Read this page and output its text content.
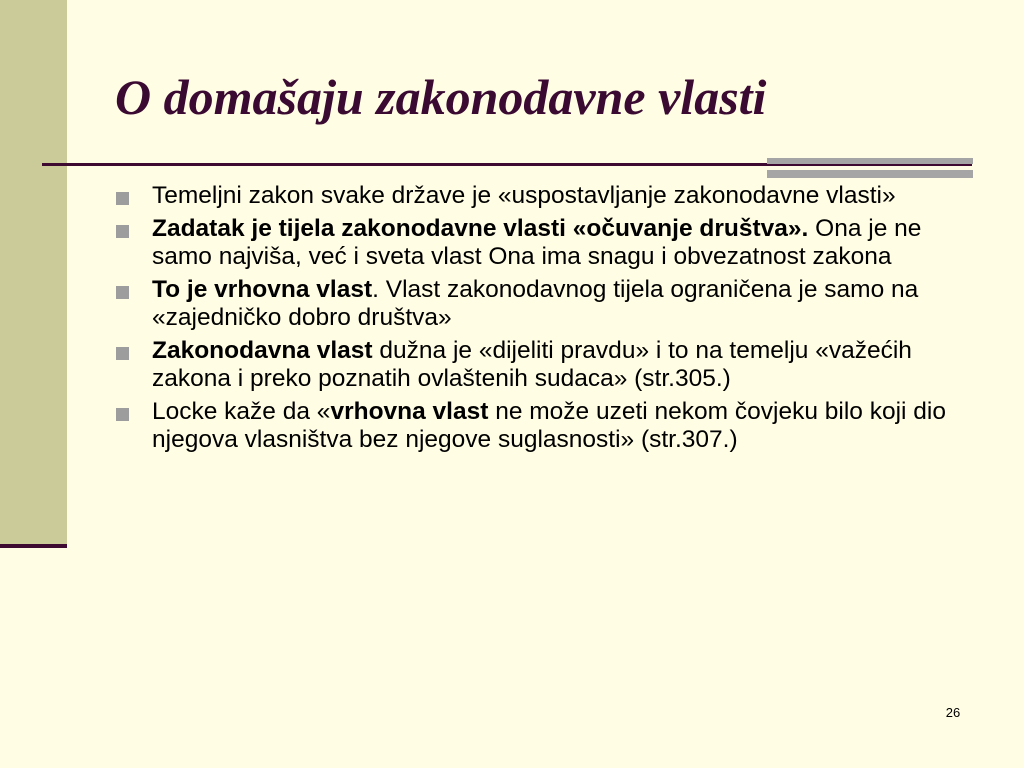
O domašaju zakonodavne vlasti
Temeljni zakon svake države je «uspostavljanje zakonodavne vlasti»
Zadatak je tijela zakonodavne vlasti «očuvanje društva». Ona je ne samo najviša, već i sveta vlast Ona ima snagu i obvezatnost zakona
To je vrhovna vlast. Vlast zakonodavnog tijela ograničena je samo na «zajedničko dobro društva»
Zakonodavna vlast dužna je «dijeliti pravdu» i to na temelju «važećih zakona i preko poznatih ovlaštenih sudaca» (str.305.)
Locke kaže da «vrhovna vlast ne može uzeti nekom čovjeku bilo koji dio njegova vlasništva bez njegove suglasnosti» (str.307.)
26
